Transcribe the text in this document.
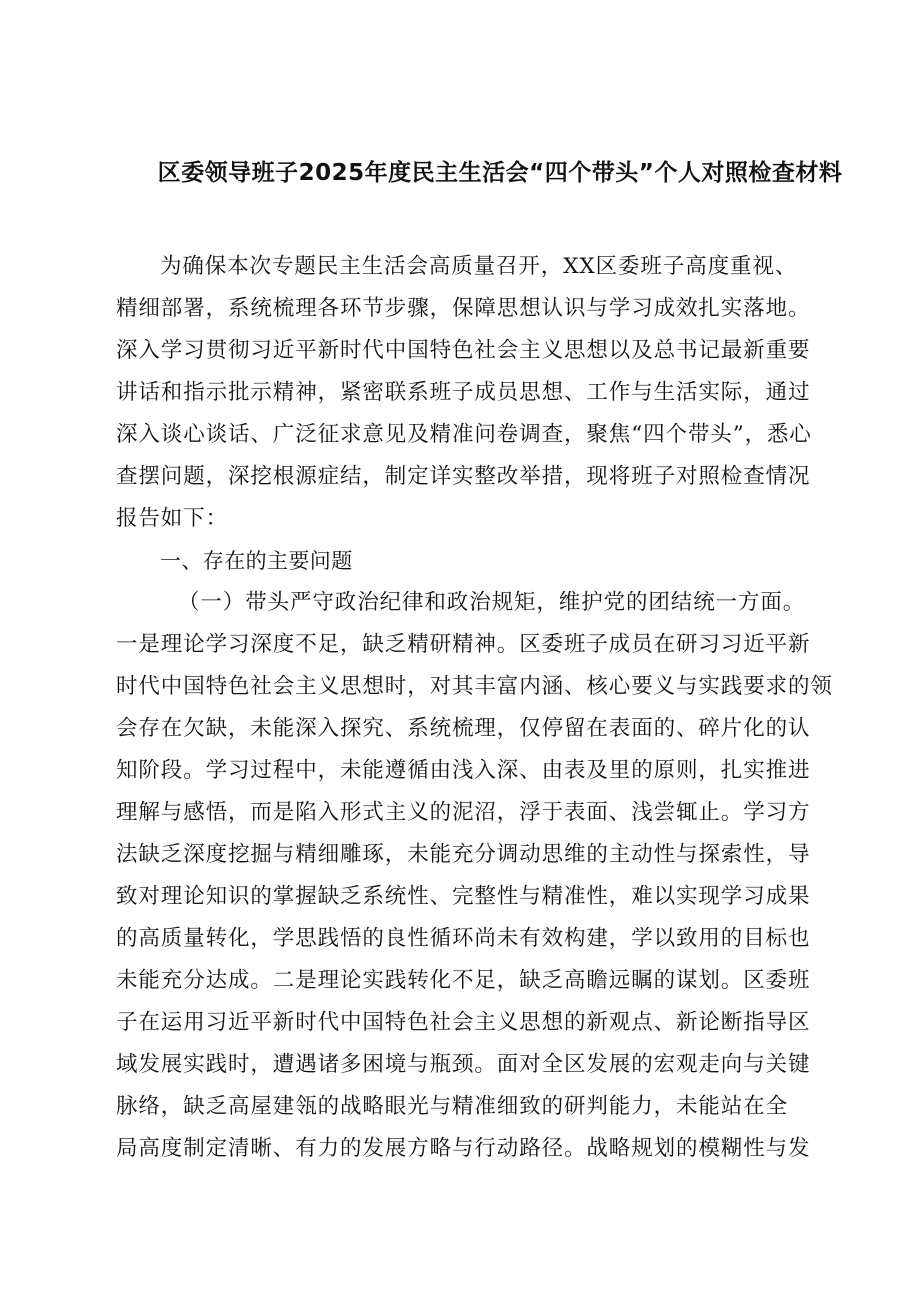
区委领导班子2025年度民主生活会“四个带头”个人对照检查材料
为确保本次专题民主生活会高质量召开，XX区委班子高度重视、
精细部署，系统梳理各环节步骤，保障思想认识与学习成效扎实落地。
深入学习贯彻习近平新时代中国特色社会主义思想以及总书记最新重要
讲话和指示批示精神，紧密联系班子成员思想、工作与生活实际，通过
深入谈心谈话、广泛征求意见及精准问卷调查，聚焦“四个带头”，悉心
查摆问题，深挖根源症结，制定详实整改举措，现将班子对照检查情况
报告如下：
一、存在的主要问题
（一）带头严守政治纪律和政治规矩，维护党的团结统一方面。
一是理论学习深度不足，缺乏精研精神。区委班子成员在研习习近平新
时代中国特色社会主义思想时，对其丰富内涵、核心要义与实践要求的领
会存在欠缺，未能深入探究、系统梳理，仅停留在表面的、碎片化的认
知阶段。学习过程中，未能遵循由浅入深、由表及里的原则，扎实推进
理解与感悟，而是陷入形式主义的泥沼，浮于表面、浅尝辄止。学习方
法缺乏深度挖掘与精细雕琢，未能充分调动思维的主动性与探索性，导
致对理论知识的掌握缺乏系统性、完整性与精准性，难以实现学习成果
的高质量转化，学思践悟的良性循环尚未有效构建，学以致用的目标也
未能充分达成。二是理论实践转化不足，缺乏高瞻远瞩的谋划。区委班
子在运用习近平新时代中国特色社会主义思想的新观点、新论断指导区
域发展实践时，遭遇诸多困境与瓶颈。面对全区发展的宏观走向与关键
脉络，缺乏高屋建瓴的战略眼光与精准细致的研判能力，未能站在全
局高度制定清晰、有力的发展方略与行动路径。战略规划的模糊性与发
